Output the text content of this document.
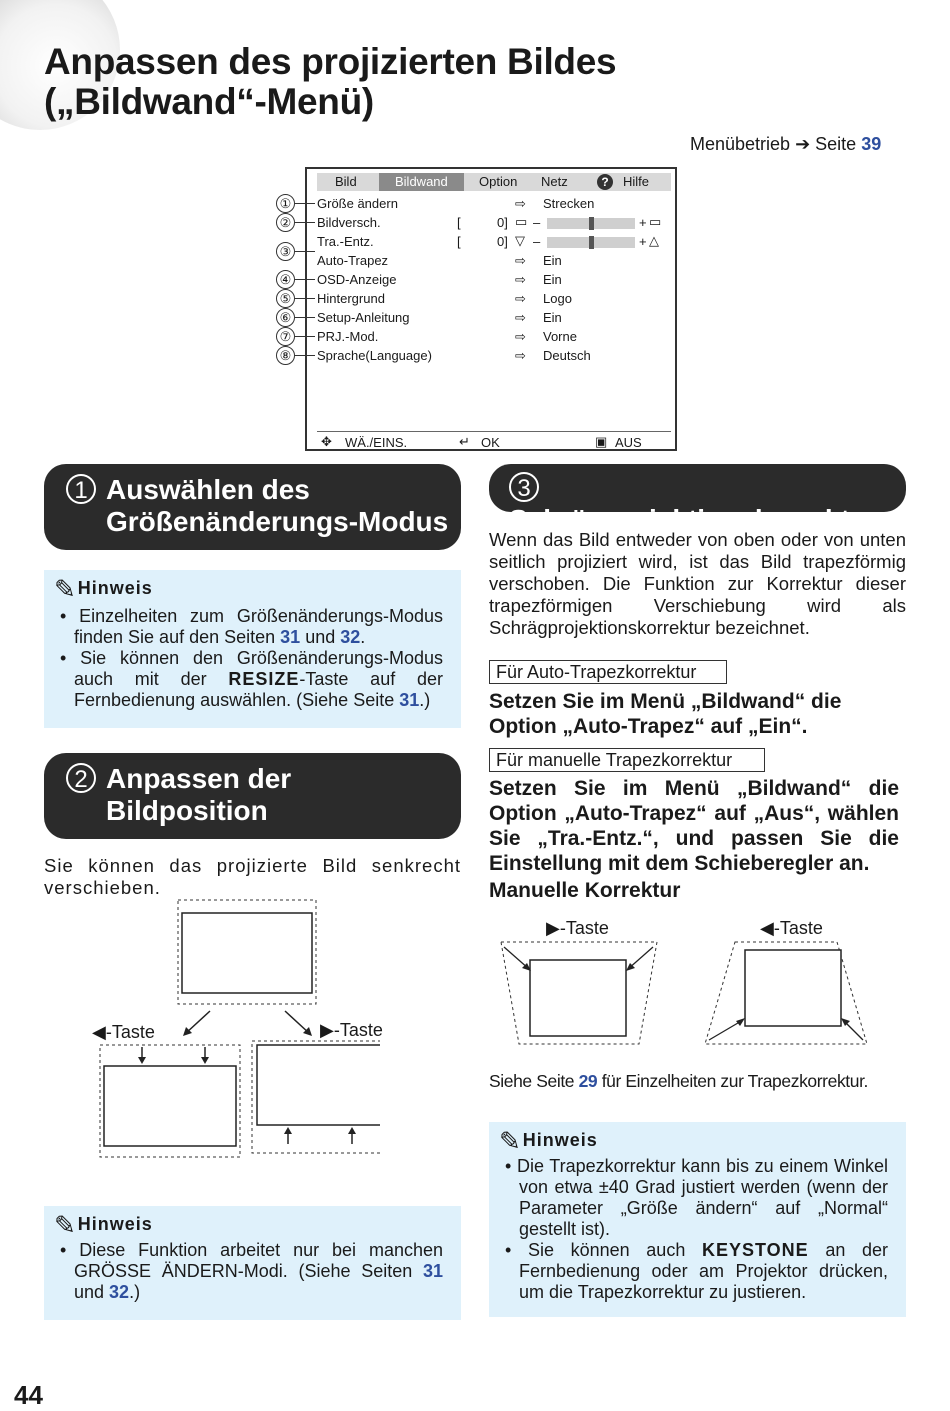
Anpassen des projizierten Bildes
(„Bildwand“-Menü)
Menübetrieb ➔ Seite 39
Bild	Bildwand	Option Netz	?	Hilfe
Größe ändern	⇨ Strecken
Bildversch.	[	0] ▭ –	+ ▭
Tra.-Entz.	[	0] ▽ –	+ △
Auto-Trapez	⇨ Ein
OSD-Anzeige	⇨ Ein
Hintergrund	⇨ Logo
Setup-Anleitung	⇨ Ein
PRJ.-Mod.	⇨ Vorne
Sprache(Language)	⇨ Deutsch
✥ WÄ./EINS.	↵ OK	▣ AUS
①
②
③
④
⑤
⑥
⑦
⑧
1 Auswählen des
Größenänderungs-Modus
✎ Hinweis

• Einzelheiten zum Größenänderungs-Modus finden Sie auf den Seiten 31 und 32.

• Sie können den Größenänderungs-Modus auch mit der RESIZE-Taste auf der Fernbedienung auswählen. (Siehe Seite 31.)

2 Anpassen der
Bildposition
Sie können das projizierte Bild senkrecht verschieben.
◀-Taste	▶-Taste
✎ Hinweis

• Diese Funktion arbeitet nur bei manchen GRÖSSE ÄNDERN-Modi. (Siehe Seiten 31 und 32.)

3Schrägprojektionskorrektur
Wenn das Bild entweder von oben oder von unten seitlich projiziert wird, ist das Bild trapezförmig verschoben. Die Funktion zur Korrektur dieser trapezförmigen Verschiebung wird als Schrägprojektionskorrektur bezeichnet.
Für Auto-Trapezkorrektur
Setzen Sie im Menü „Bildwand“ die Option „Auto-Trapez“ auf „Ein“.
Für manuelle Trapezkorrektur
Setzen Sie im Menü „Bildwand“ die Option „Auto-Trapez“ auf „Aus“, wählen Sie „Tra.-Entz.“, und passen Sie die Einstellung mit dem Schieberegler an.
Manuelle Korrektur
▶-Taste	◀-Taste
Siehe Seite 29 für Einzelheiten zur Trapezkorrektur.
✎ Hinweis

• Die Trapezkorrektur kann bis zu einem Winkel von etwa ±40 Grad justiert werden (wenn der Parameter „Größe ändern“ auf „Normal“ gestellt ist).

• Sie können auch KEYSTONE an der Fernbedienung oder am Projektor drücken, um die Trapezkorrektur zu justieren.

44
